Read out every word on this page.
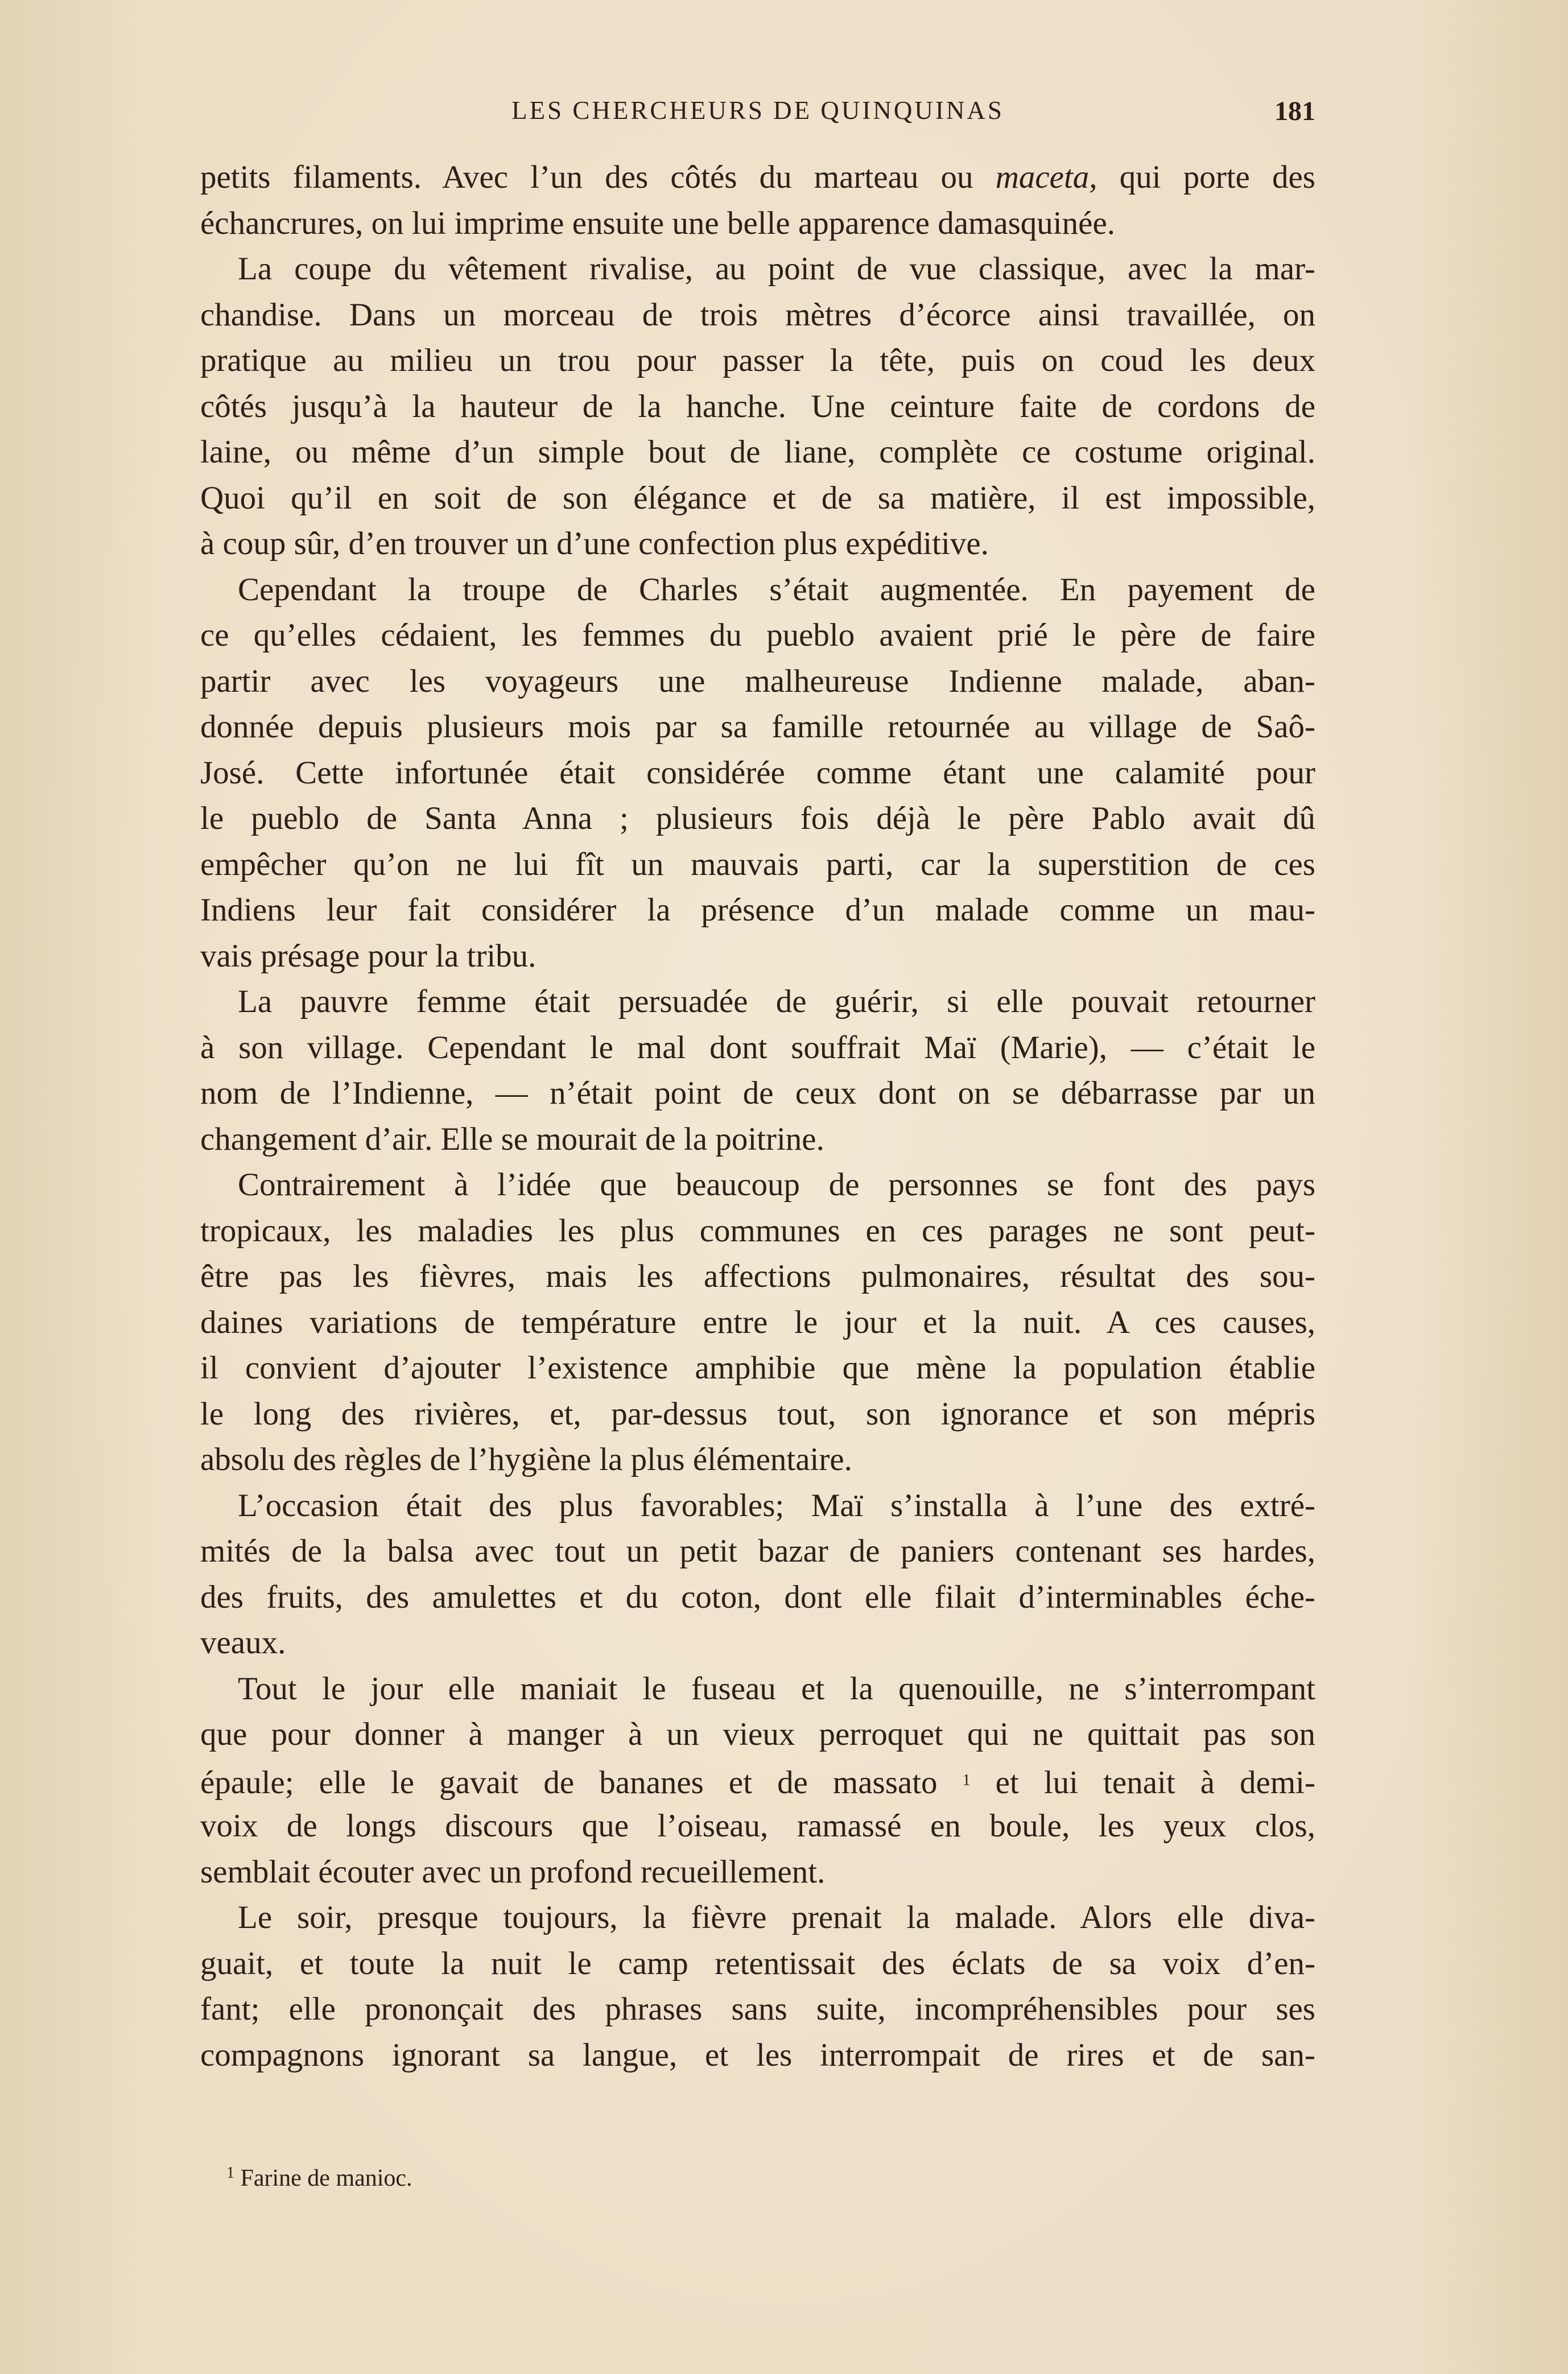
LES CHERCHEURS DE QUINQUINAS	181
petits filaments. Avec l’un des côtés du marteau ou maceta, qui porte des
échancrures, on lui imprime ensuite une belle apparence damasquinée.
La coupe du vêtement rivalise, au point de vue classique, avec la mar-
chandise. Dans un morceau de trois mètres d’écorce ainsi travaillée, on
pratique au milieu un trou pour passer la tête, puis on coud les deux
côtés jusqu’à la hauteur de la hanche. Une ceinture faite de cordons de
laine, ou même d’un simple bout de liane, complète ce costume original.
Quoi qu’il en soit de son élégance et de sa matière, il est impossible,
à coup sûr, d’en trouver un d’une confection plus expéditive.
Cependant la troupe de Charles s’était augmentée. En payement de
ce qu’elles cédaient, les femmes du pueblo avaient prié le père de faire
partir avec les voyageurs une malheureuse Indienne malade, aban-
donnée depuis plusieurs mois par sa famille retournée au village de Saô-
José. Cette infortunée était considérée comme étant une calamité pour
le pueblo de Santa Anna ; plusieurs fois déjà le père Pablo avait dû
empêcher qu’on ne lui fît un mauvais parti, car la superstition de ces
Indiens leur fait considérer la présence d’un malade comme un mau-
vais présage pour la tribu.
La pauvre femme était persuadée de guérir, si elle pouvait retourner
à son village. Cependant le mal dont souffrait Maï (Marie), — c’était le
nom de l’Indienne, — n’était point de ceux dont on se débarrasse par un
changement d’air. Elle se mourait de la poitrine.
Contrairement à l’idée que beaucoup de personnes se font des pays
tropicaux, les maladies les plus communes en ces parages ne sont peut-
être pas les fièvres, mais les affections pulmonaires, résultat des sou-
daines variations de température entre le jour et la nuit. A ces causes,
il convient d’ajouter l’existence amphibie que mène la population établie
le long des rivières, et, par-dessus tout, son ignorance et son mépris
absolu des règles de l’hygiène la plus élémentaire.
L’occasion était des plus favorables; Maï s’installa à l’une des extré-
mités de la balsa avec tout un petit bazar de paniers contenant ses hardes,
des fruits, des amulettes et du coton, dont elle filait d’interminables éche-
veaux.
Tout le jour elle maniait le fuseau et la quenouille, ne s’interrompant
que pour donner à manger à un vieux perroquet qui ne quittait pas son
épaule; elle le gavait de bananes et de massato $^1$ et lui tenait à demi-
voix de longs discours que l’oiseau, ramassé en boule, les yeux clos,
semblait écouter avec un profond recueillement.
Le soir, presque toujours, la fièvre prenait la malade. Alors elle diva-
guait, et toute la nuit le camp retentissait des éclats de sa voix d’en-
fant; elle prononçait des phrases sans suite, incompréhensibles pour ses
compagnons ignorant sa langue, et les interrompait de rires et de san-
$^1$ Farine de manioc.
